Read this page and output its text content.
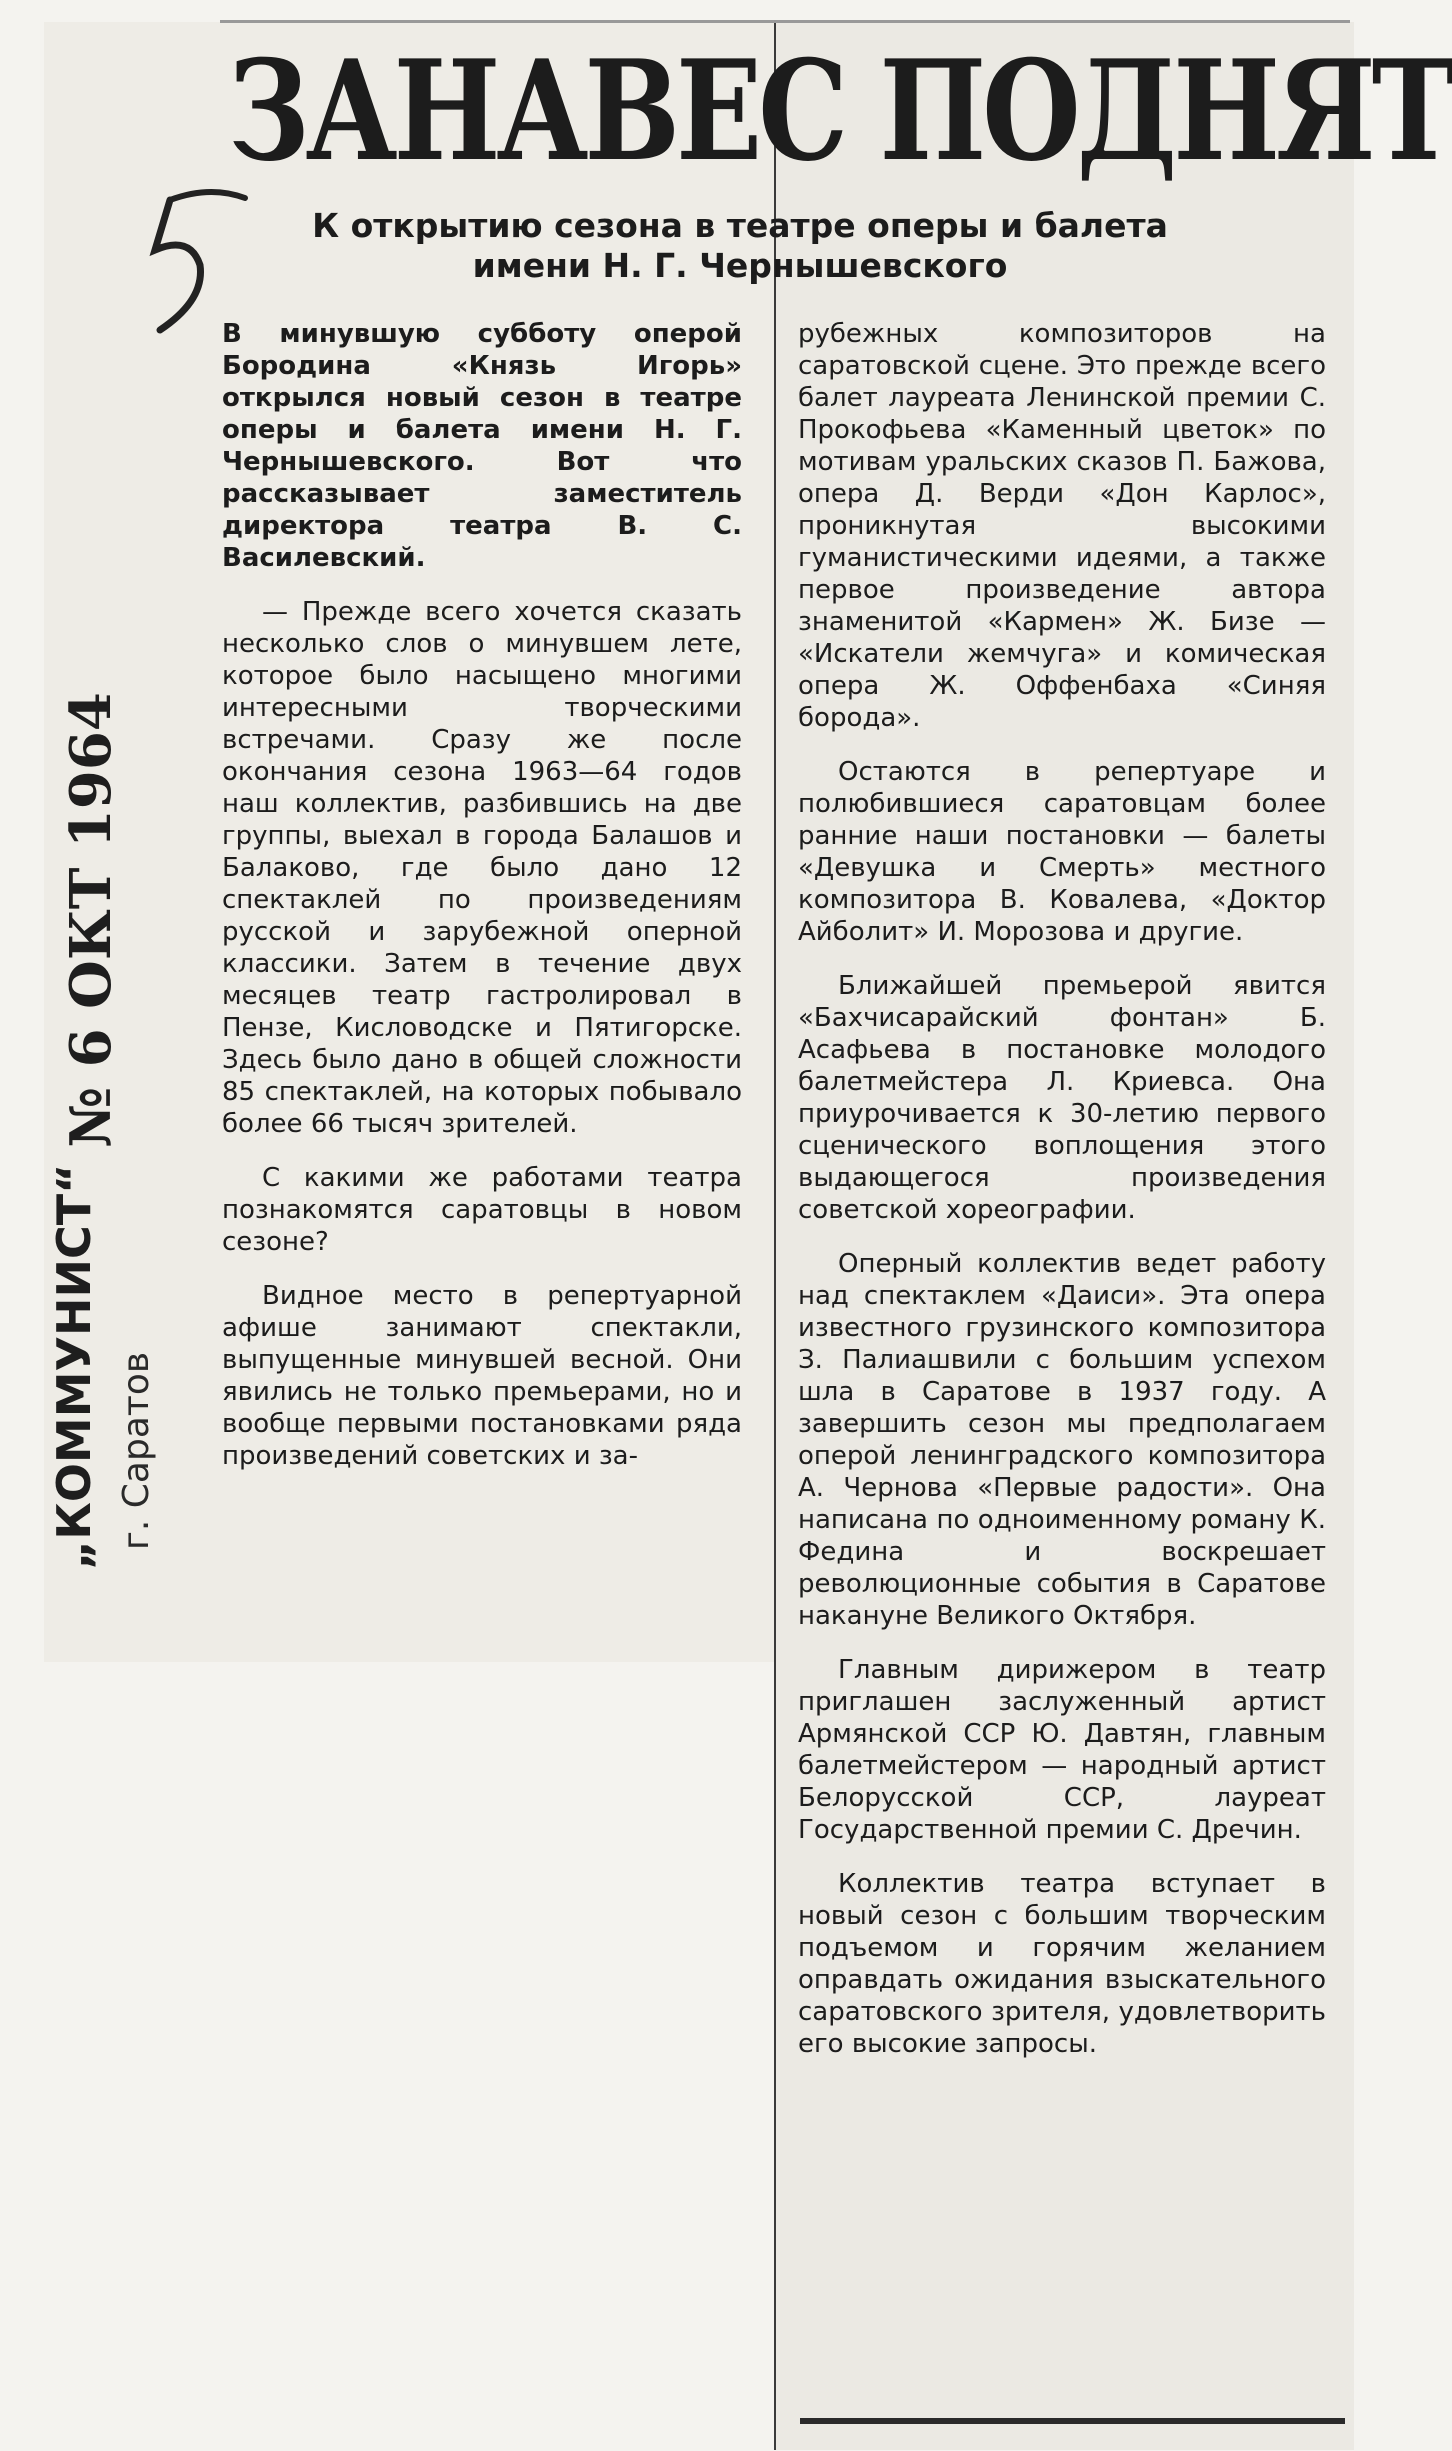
ЗАНАВЕС ПОДНЯТ
К открытию сезона в театре оперы и балета
имени Н. Г. Чернышевского
№ 6 ОКТ 1964
„КОММУНИСТ“ г. Саратов

В минувшую субботу оперой Бородина «Князь Игорь» открылся новый сезон в театре оперы и балета имени Н. Г. Чернышевского. Вот что рассказывает заместитель директора театра В. С. Василевский.

— Прежде всего хочется сказать несколько слов о минувшем лете, которое было насыщено многими интересными творческими встречами. Сразу же после окончания сезона 1963—64 годов наш коллектив, разбившись на две группы, выехал в города Балашов и Балаково, где было дано 12 спектаклей по произведениям русской и зарубежной оперной классики. Затем в течение двух месяцев театр гастролировал в Пензе, Кисловодске и Пятигорске. Здесь было дано в общей сложности 85 спектаклей, на которых побывало более 66 тысяч зрителей.

С какими же работами театра познакомятся саратовцы в новом сезоне?

Видное место в репертуарной афише занимают спектакли, выпущенные минувшей весной. Они явились не только премьерами, но и вообще первыми постановками ряда произведений советских и за-

рубежных композиторов на саратовской сцене. Это прежде всего балет лауреата Ленинской премии С. Прокофьева «Каменный цветок» по мотивам уральских сказов П. Бажова, опера Д. Верди «Дон Карлос», проникнутая высокими гуманистическими идеями, а также первое произведение автора знаменитой «Кармен» Ж. Бизе — «Искатели жемчуга» и комическая опера Ж. Оффенбаха «Синяя борода».

Остаются в репертуаре и полюбившиеся саратовцам более ранние наши постановки — балеты «Девушка и Смерть» местного композитора В. Ковалева, «Доктор Айболит» И. Морозова и другие.

Ближайшей премьерой явится «Бахчисарайский фонтан» Б. Асафьева в постановке молодого балетмейстера Л. Криевса. Она приурочивается к 30-летию первого сценического воплощения этого выдающегося произведения советской хореографии.

Оперный коллектив ведет работу над спектаклем «Даиси». Эта опера известного грузинского композитора З. Палиашвили с большим успехом шла в Саратове в 1937 году. А завершить сезон мы предполагаем оперой ленинградского композитора А. Чернова «Первые радости». Она написана по одноименному роману К. Федина и воскрешает революционные события в Саратове накануне Великого Октября.

Главным дирижером в театр приглашен заслуженный артист Армянской ССР Ю. Давтян, главным балетмейстером — народный артист Белорусской ССР, лауреат Государственной премии С. Дречин.

Коллектив театра вступает в новый сезон с большим творческим подъемом и горячим желанием оправдать ожидания взыскательного саратовского зрителя, удовлетворить его высокие запросы.
